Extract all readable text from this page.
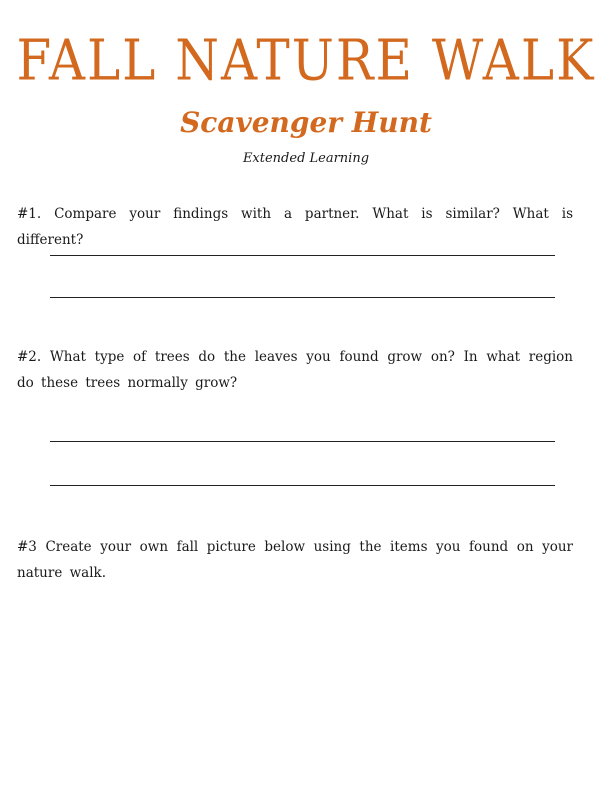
FALL NATURE WALK
Scavenger Hunt

Extended Learning

#1. Compare your findings with a partner. What is similar? What is different?

#2. What type of trees do the leaves you found grow on? In what region do these trees normally grow?

#3 Create your own fall picture below using the items you found on your nature walk.
